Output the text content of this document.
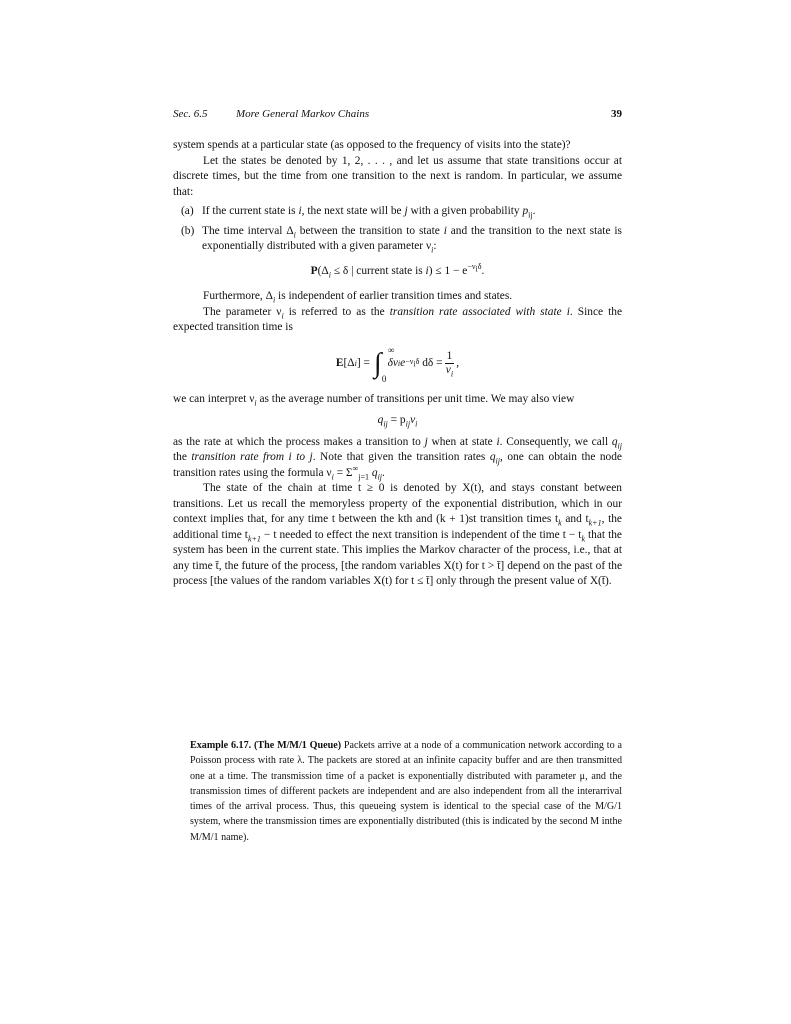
Sec. 6.5	More General Markov Chains	39

system spends at a particular state (as opposed to the frequency of visits into the state)?

Let the states be denoted by 1, 2, . . . , and let us assume that state transitions occur at discrete times, but the time from one transition to the next is random. In particular, we assume that:

(a) If the current state is i, the next state will be j with a given probability $p_{ij}$.
(b) The time interval $\Delta_i$ between the transition to state i and the transition to the next state is exponentially distributed with a given parameter $\nu_i$:
$P(\Delta_i \le \delta$ | current state is $i) \le 1 - e^{-\nu_i\delta}$.

Furthermore, $\Delta_i$ is independent of earlier transition times and states.

The parameter $\nu_i$ is referred to as the transition rate associated with state i. Since the expected transition time is

E [Δ i ] = ∫ ∞
0
δν i $e -\nu_i\delta$
$d\delta = \frac{1}{\nu_i}$ ,

we can interpret $\nu_i$ as the average number of transitions per unit time. We may also view

$q_{ij} = p_{ij}\nu_i$

as the rate at which the process makes a transition to j when at state i. Consequently, we call $q_{ij}$ the transition rate from i to j. Note that given the transition rates $q_{ij}$, one can obtain the node transition rates using the formula $\nu_i = \Sigma^\infty_{j=1}$ $q_{ij}$.

The state of the chain at time t ≥ 0 is denoted by X(t), and stays constant between transitions. Let us recall the memoryless property of the exponential distribution, which in our context implies that, for any time t between the kth and (k + 1)st transition times $t_k$ and $t_{k+1}$, the additional time $t_{k+1} - t$ needed to effect the next transition is independent of the time $t - t_k$ that the system has been in the current state. This implies the Markov character of the process, i.e., that at any time t̄, the future of the process, [the random variables X(t) for t > t̄] depend on the past of the process [the values of the random variables X(t) for t ≤ t̄] only through the present value of X(t̄).

Example 6.17. (The M/M/1 Queue) Packets arrive at a node of a communication network according to a Poisson process with rate λ. The packets are stored at an infinite capacity buffer and are then transmitted one at a time. The transmission time of a packet is exponentially distributed with parameter μ, and the transmission times of different packets are independent and are also independent from all the interarrival times of the arrival process. Thus, this queueing system is identical to the special case of the M/G/1 system, where the transmission times are exponentially distributed (this is indicated by the second M inthe M/M/1 name).
